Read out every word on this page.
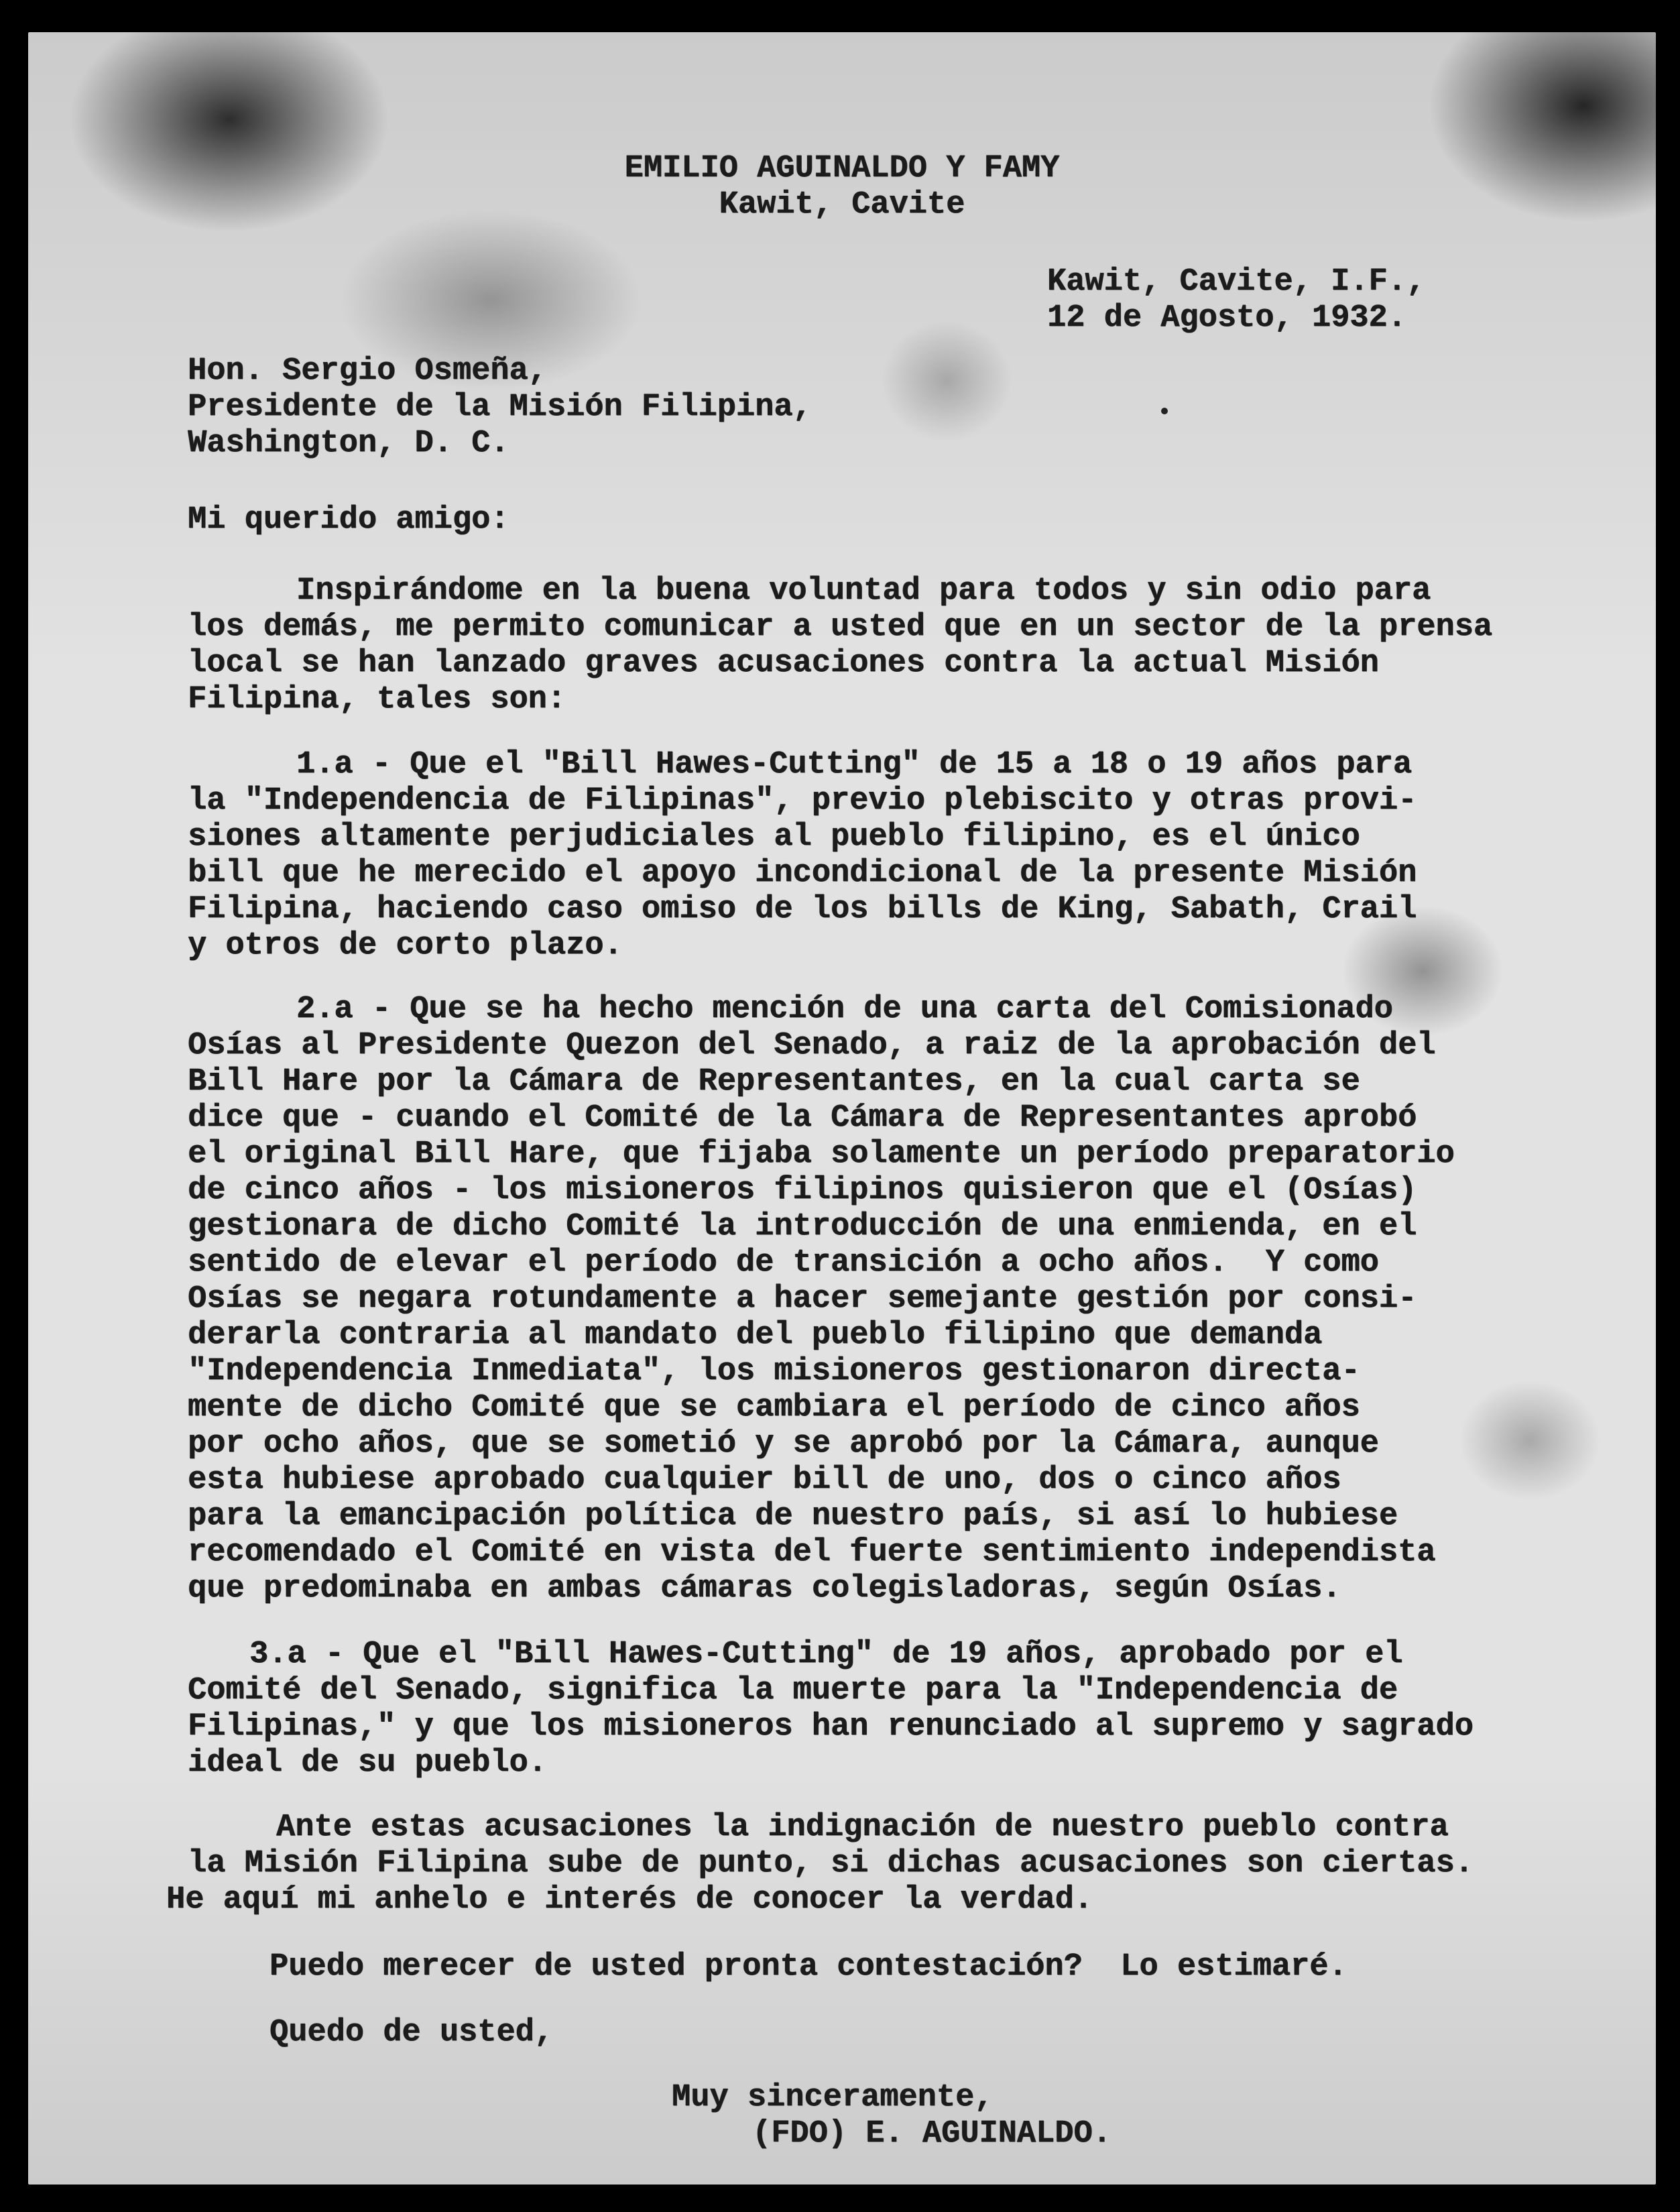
EMILIO AGUINALDO Y FAMY
Kawit, Cavite
Kawit, Cavite, I.F.,
12 de Agosto, 1932.
Hon. Sergio Osmeña,
Presidente de la Misión Filipina,
Washington, D. C.
Mi querido amigo:
Inspirándome en la buena voluntad para todos y sin odio para
los demás, me permito comunicar a usted que en un sector de la prensa
local se han lanzado graves acusaciones contra la actual Misión
Filipina, tales son:
1.a - Que el "Bill Hawes-Cutting" de 15 a 18 o 19 años para
la "Independencia de Filipinas", previo plebiscito y otras provi-
siones altamente perjudiciales al pueblo filipino, es el único
bill que he merecido el apoyo incondicional de la presente Misión
Filipina, haciendo caso omiso de los bills de King, Sabath, Crail
y otros de corto plazo.
2.a - Que se ha hecho mención de una carta del Comisionado
Osías al Presidente Quezon del Senado, a raiz de la aprobación del
Bill Hare por la Cámara de Representantes, en la cual carta se
dice que - cuando el Comité de la Cámara de Representantes aprobó
el original Bill Hare, que fijaba solamente un período preparatorio
de cinco años - los misioneros filipinos quisieron que el (Osías)
gestionara de dicho Comité la introducción de una enmienda, en el
sentido de elevar el período de transición a ocho años.  Y como
Osías se negara rotundamente a hacer semejante gestión por consi-
derarla contraria al mandato del pueblo filipino que demanda
"Independencia Inmediata", los misioneros gestionaron directa-
mente de dicho Comité que se cambiara el período de cinco años
por ocho años, que se sometió y se aprobó por la Cámara, aunque
esta hubiese aprobado cualquier bill de uno, dos o cinco años
para la emancipación política de nuestro país, si así lo hubiese
recomendado el Comité en vista del fuerte sentimiento independista
que predominaba en ambas cámaras colegisladoras, según Osías.
3.a - Que el "Bill Hawes-Cutting" de 19 años, aprobado por el
Comité del Senado, significa la muerte para la "Independencia de
Filipinas," y que los misioneros han renunciado al supremo y sagrado
ideal de su pueblo.
Ante estas acusaciones la indignación de nuestro pueblo contra
la Misión Filipina sube de punto, si dichas acusaciones son ciertas.
He aquí mi anhelo e interés de conocer la verdad.
Puedo merecer de usted pronta contestación?  Lo estimaré.
Quedo de usted,
Muy sinceramente,
(FDO) E. AGUINALDO.
